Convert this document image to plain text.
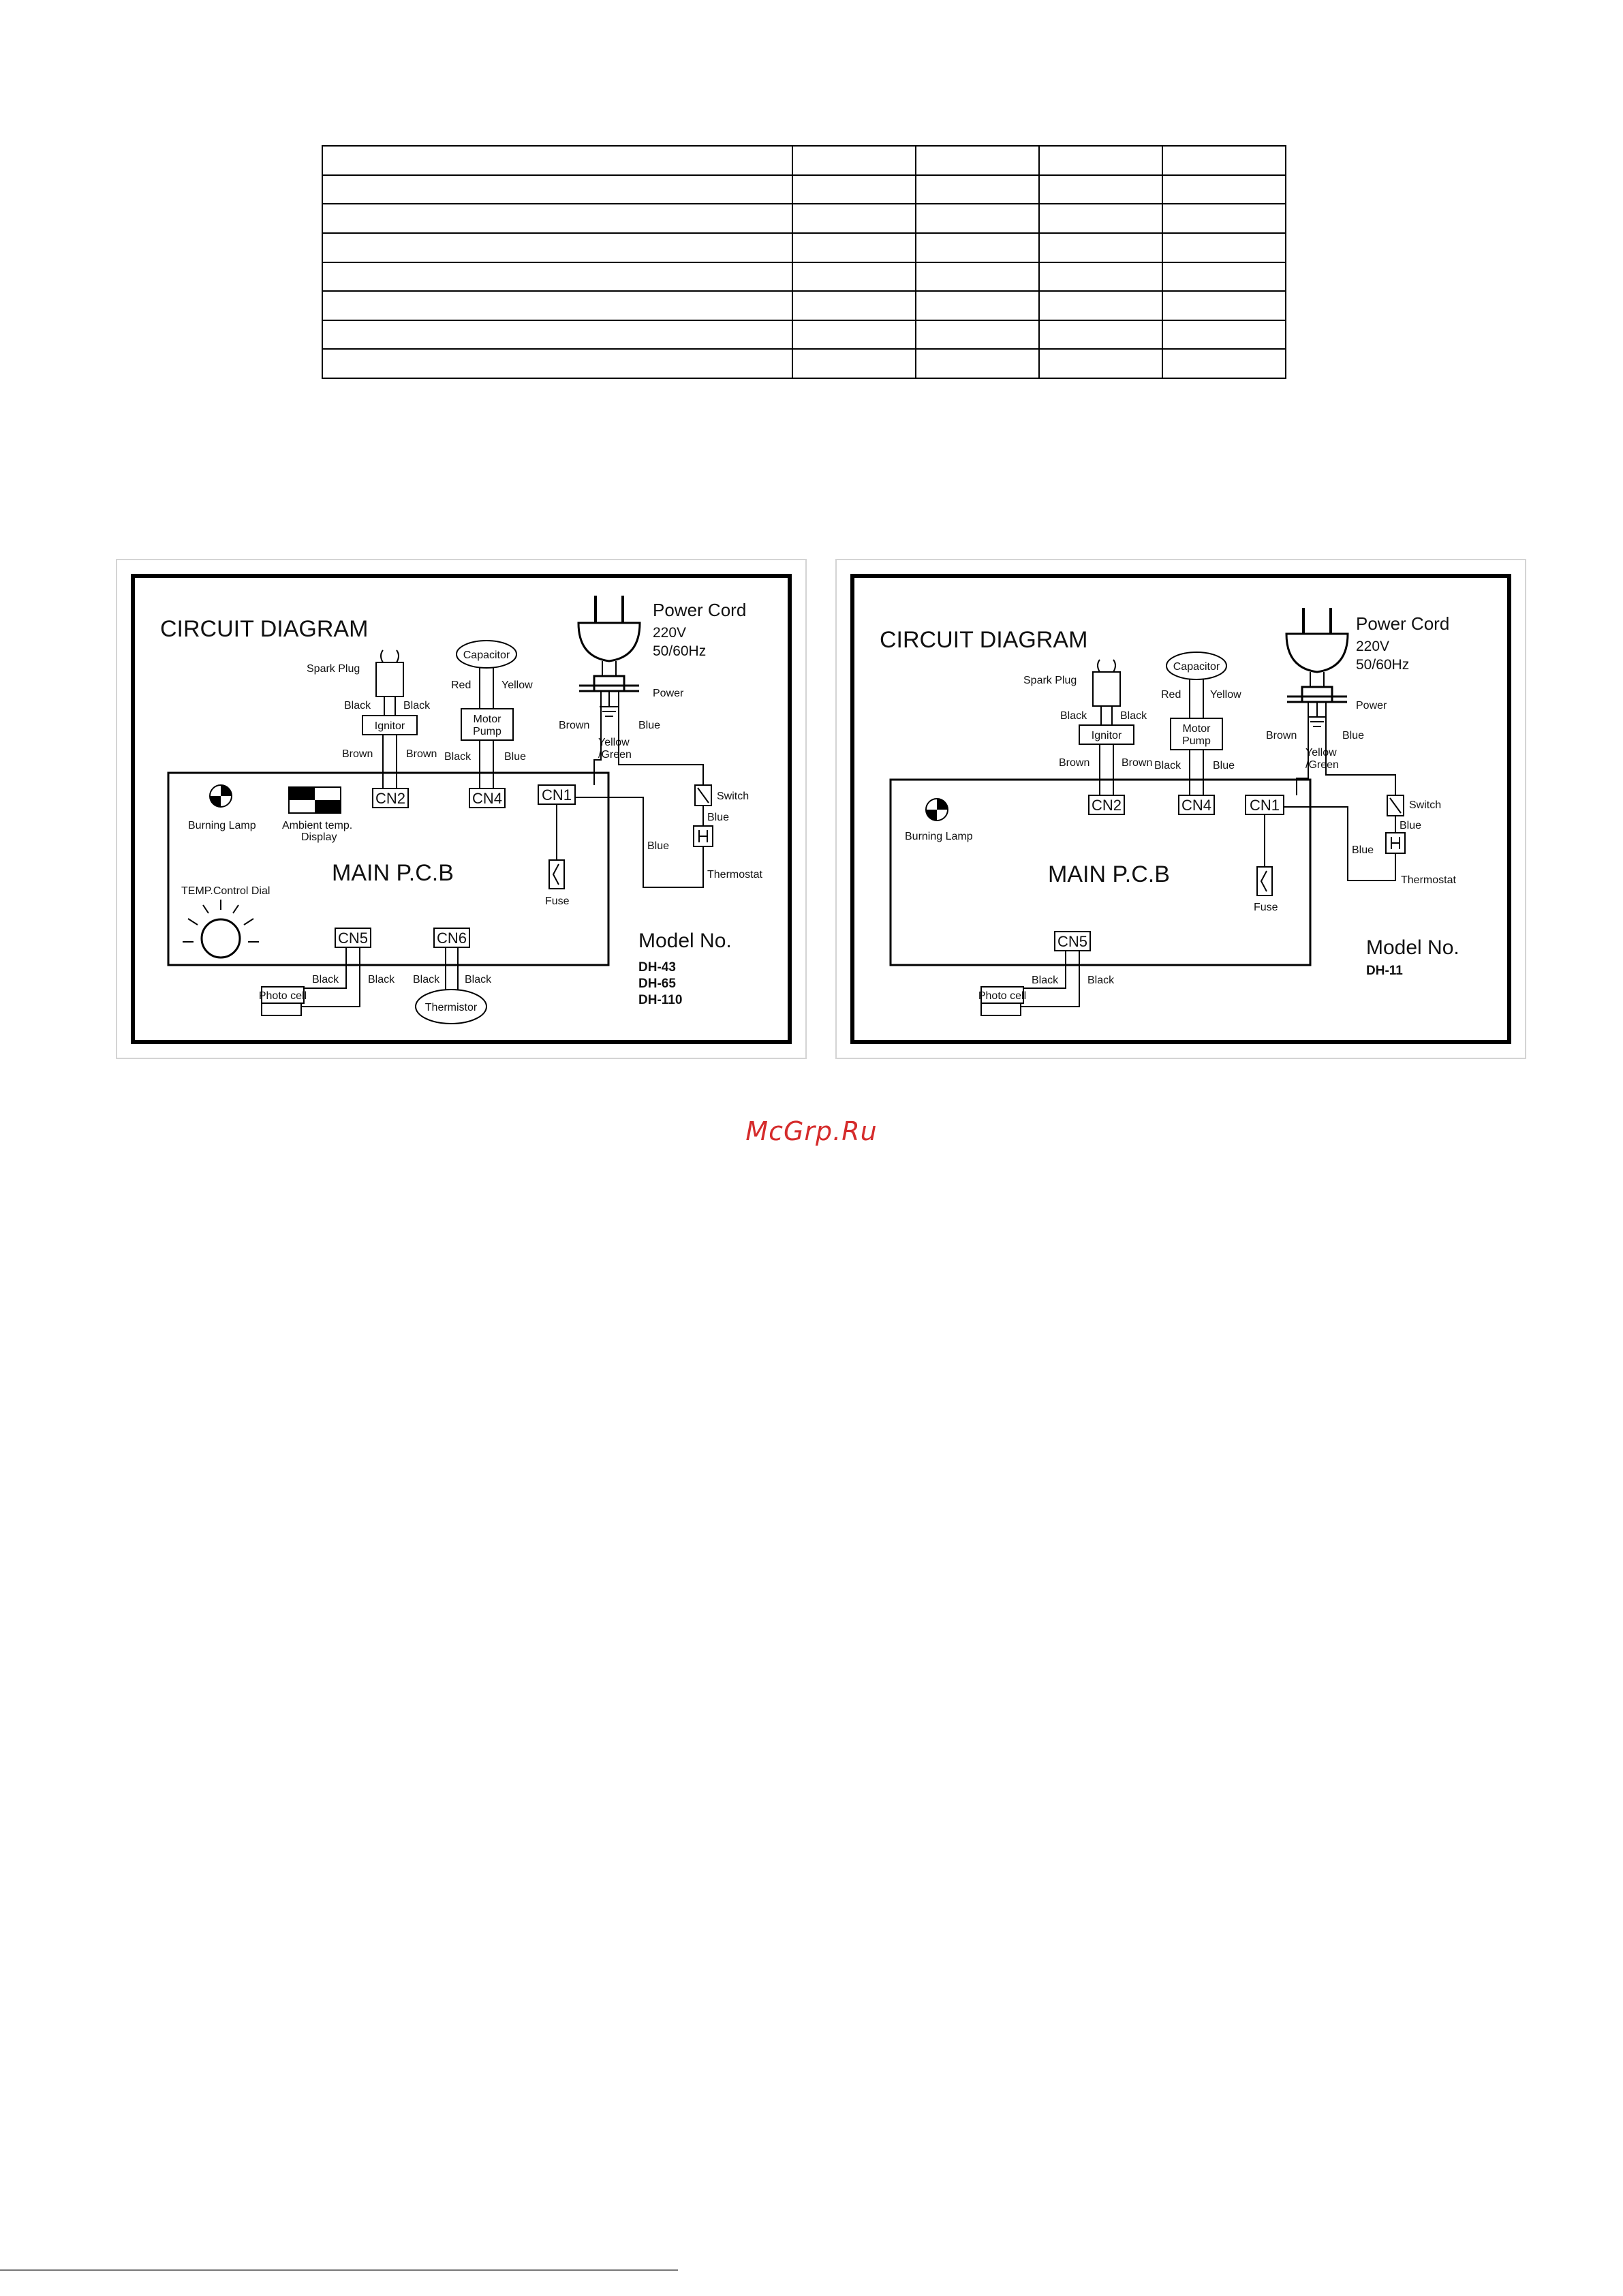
CIRCUIT DIAGRAM
Power Cord
220V
50/60Hz
Power
Brown	Blue
Yellow
/Green
Spark Plug
Black	Black
Ignitor
Brown	Brown
Capacitor
Red	Yellow
Motor
Pump
Black	Blue
MAIN P.C.B
CN2	CN4	CN1
Burning Lamp Ambient temp.
Display
Fuse
Blue
Switch
Blue
Thermostat
TEMP.Control Dial
CN5	CN6
Black	Black
Photo cell
Black Black
Thermistor
Model No.
DH-43
DH-65
DH-110
CIRCUIT DIAGRAM
Power Cord
220V
50/60Hz
Power
Brown	Blue
Yellow
/Green
Spark Plug
Black	Black
Ignitor
Brown	Brown
Capacitor
Red	Yellow
Motor
Pump
Black	Blue
MAIN P.C.B
CN2	CN4	CN1
Burning Lamp
Fuse
Blue
Switch
Blue
Thermostat
CN5
Black	Black
Photo cell
Model No.
DH-11
McGrp.Ru
